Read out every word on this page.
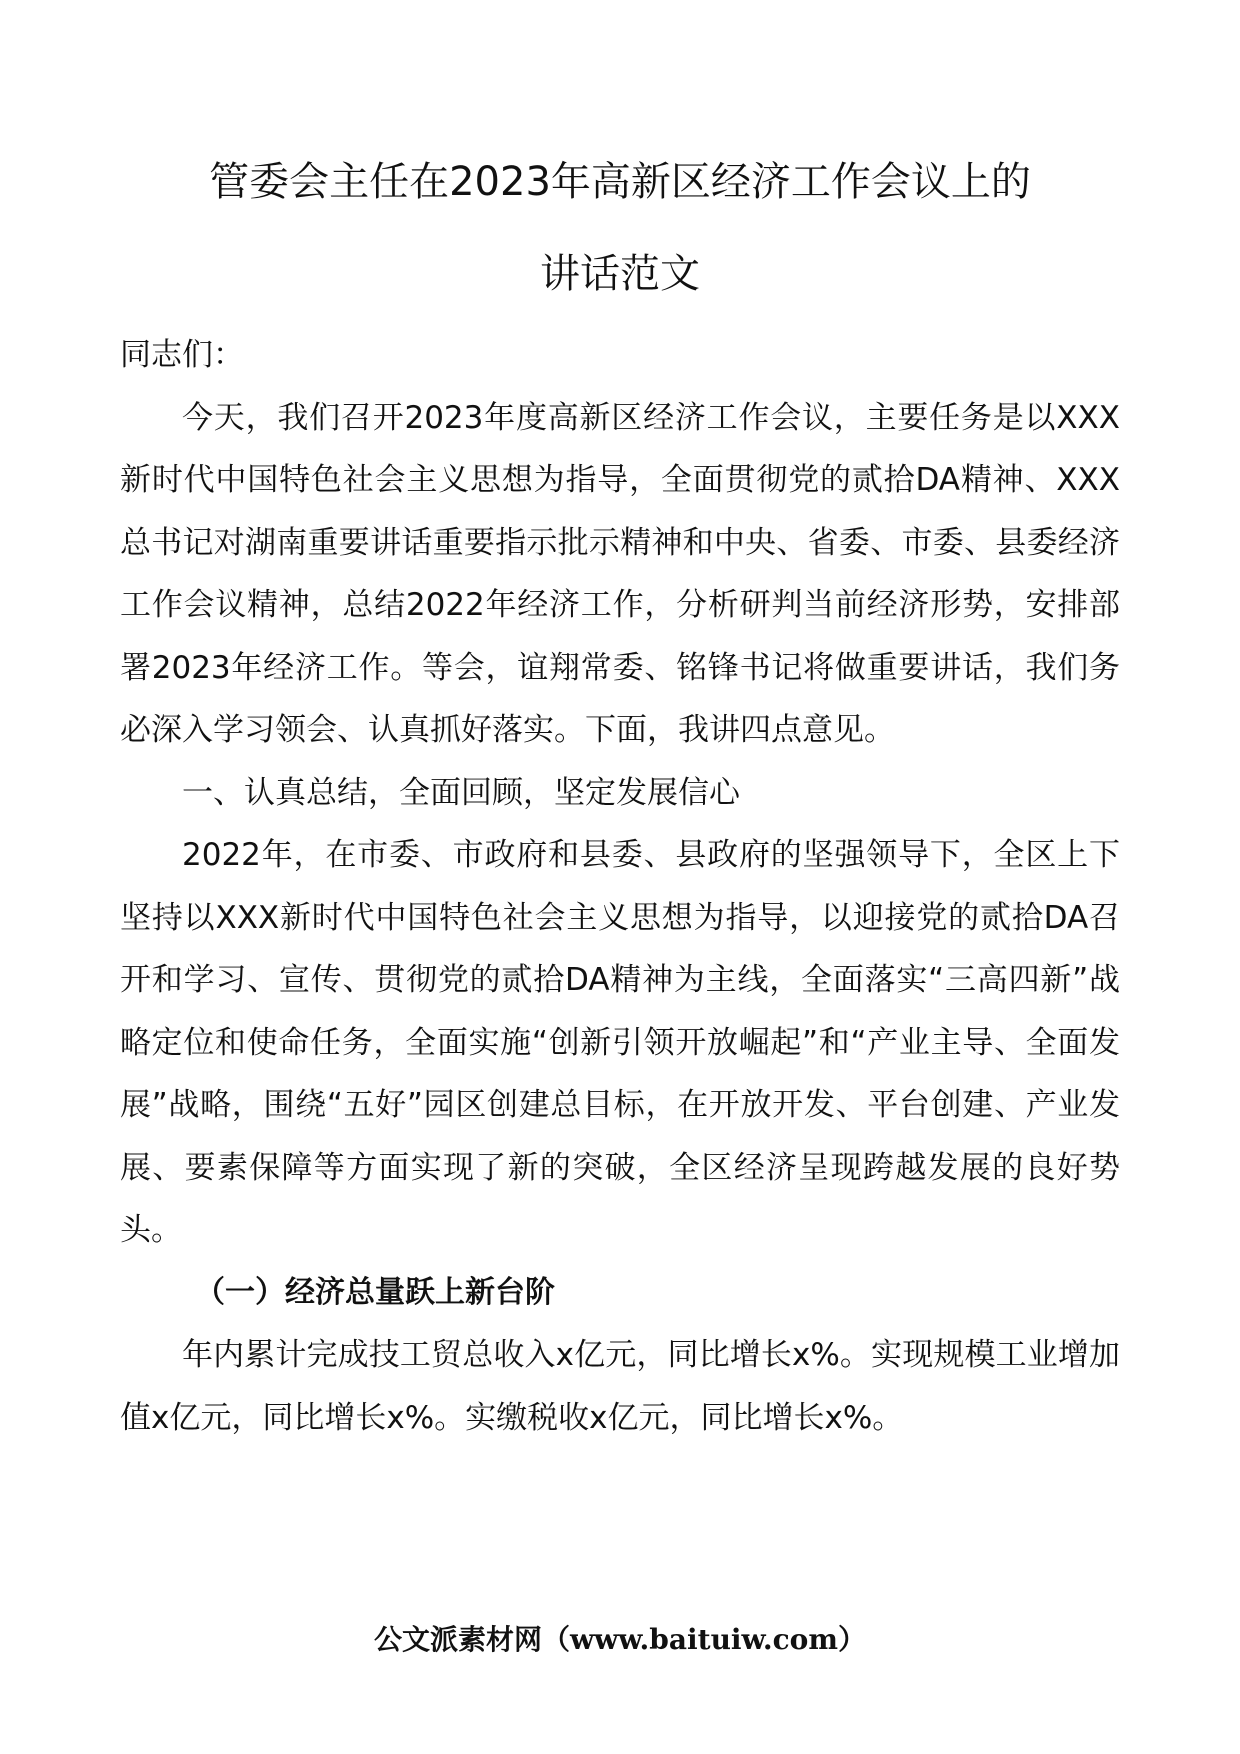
管委会主任在2023年高新区经济工作会议上的
讲话范文

同志们：

今天，我们召开2023年度高新区经济工作会议，主要任务是以XXX新时代中国特色社会主义思想为指导，全面贯彻党的贰拾DA精神、XXX总书记对湖南重要讲话重要指示批示精神和中央、省委、市委、县委经济工作会议精神，总结2022年经济工作，分析研判当前经济形势，安排部署2023年经济工作。等会，谊翔常委、铭锋书记将做重要讲话，我们务必深入学习领会、认真抓好落实。下面，我讲四点意见。

一、认真总结，全面回顾，坚定发展信心

2022年，在市委、市政府和县委、县政府的坚强领导下，全区上下坚持以XXX新时代中国特色社会主义思想为指导，以迎接党的贰拾DA召开和学习、宣传、贯彻党的贰拾DA精神为主线，全面落实“三高四新”战略定位和使命任务，全面实施“创新引领开放崛起”和“产业主导、全面发展”战略，围绕“五好”园区创建总目标，在开放开发、平台创建、产业发展、要素保障等方面实现了新的突破，全区经济呈现跨越发展的良好势头。

（一）经济总量跃上新台阶

年内累计完成技工贸总收入x亿元，同比增长x%。实现规模工业增加值x亿元，同比增长x%。实缴税收x亿元，同比增长x%。

公文派素材网（www.baituiw.com）
